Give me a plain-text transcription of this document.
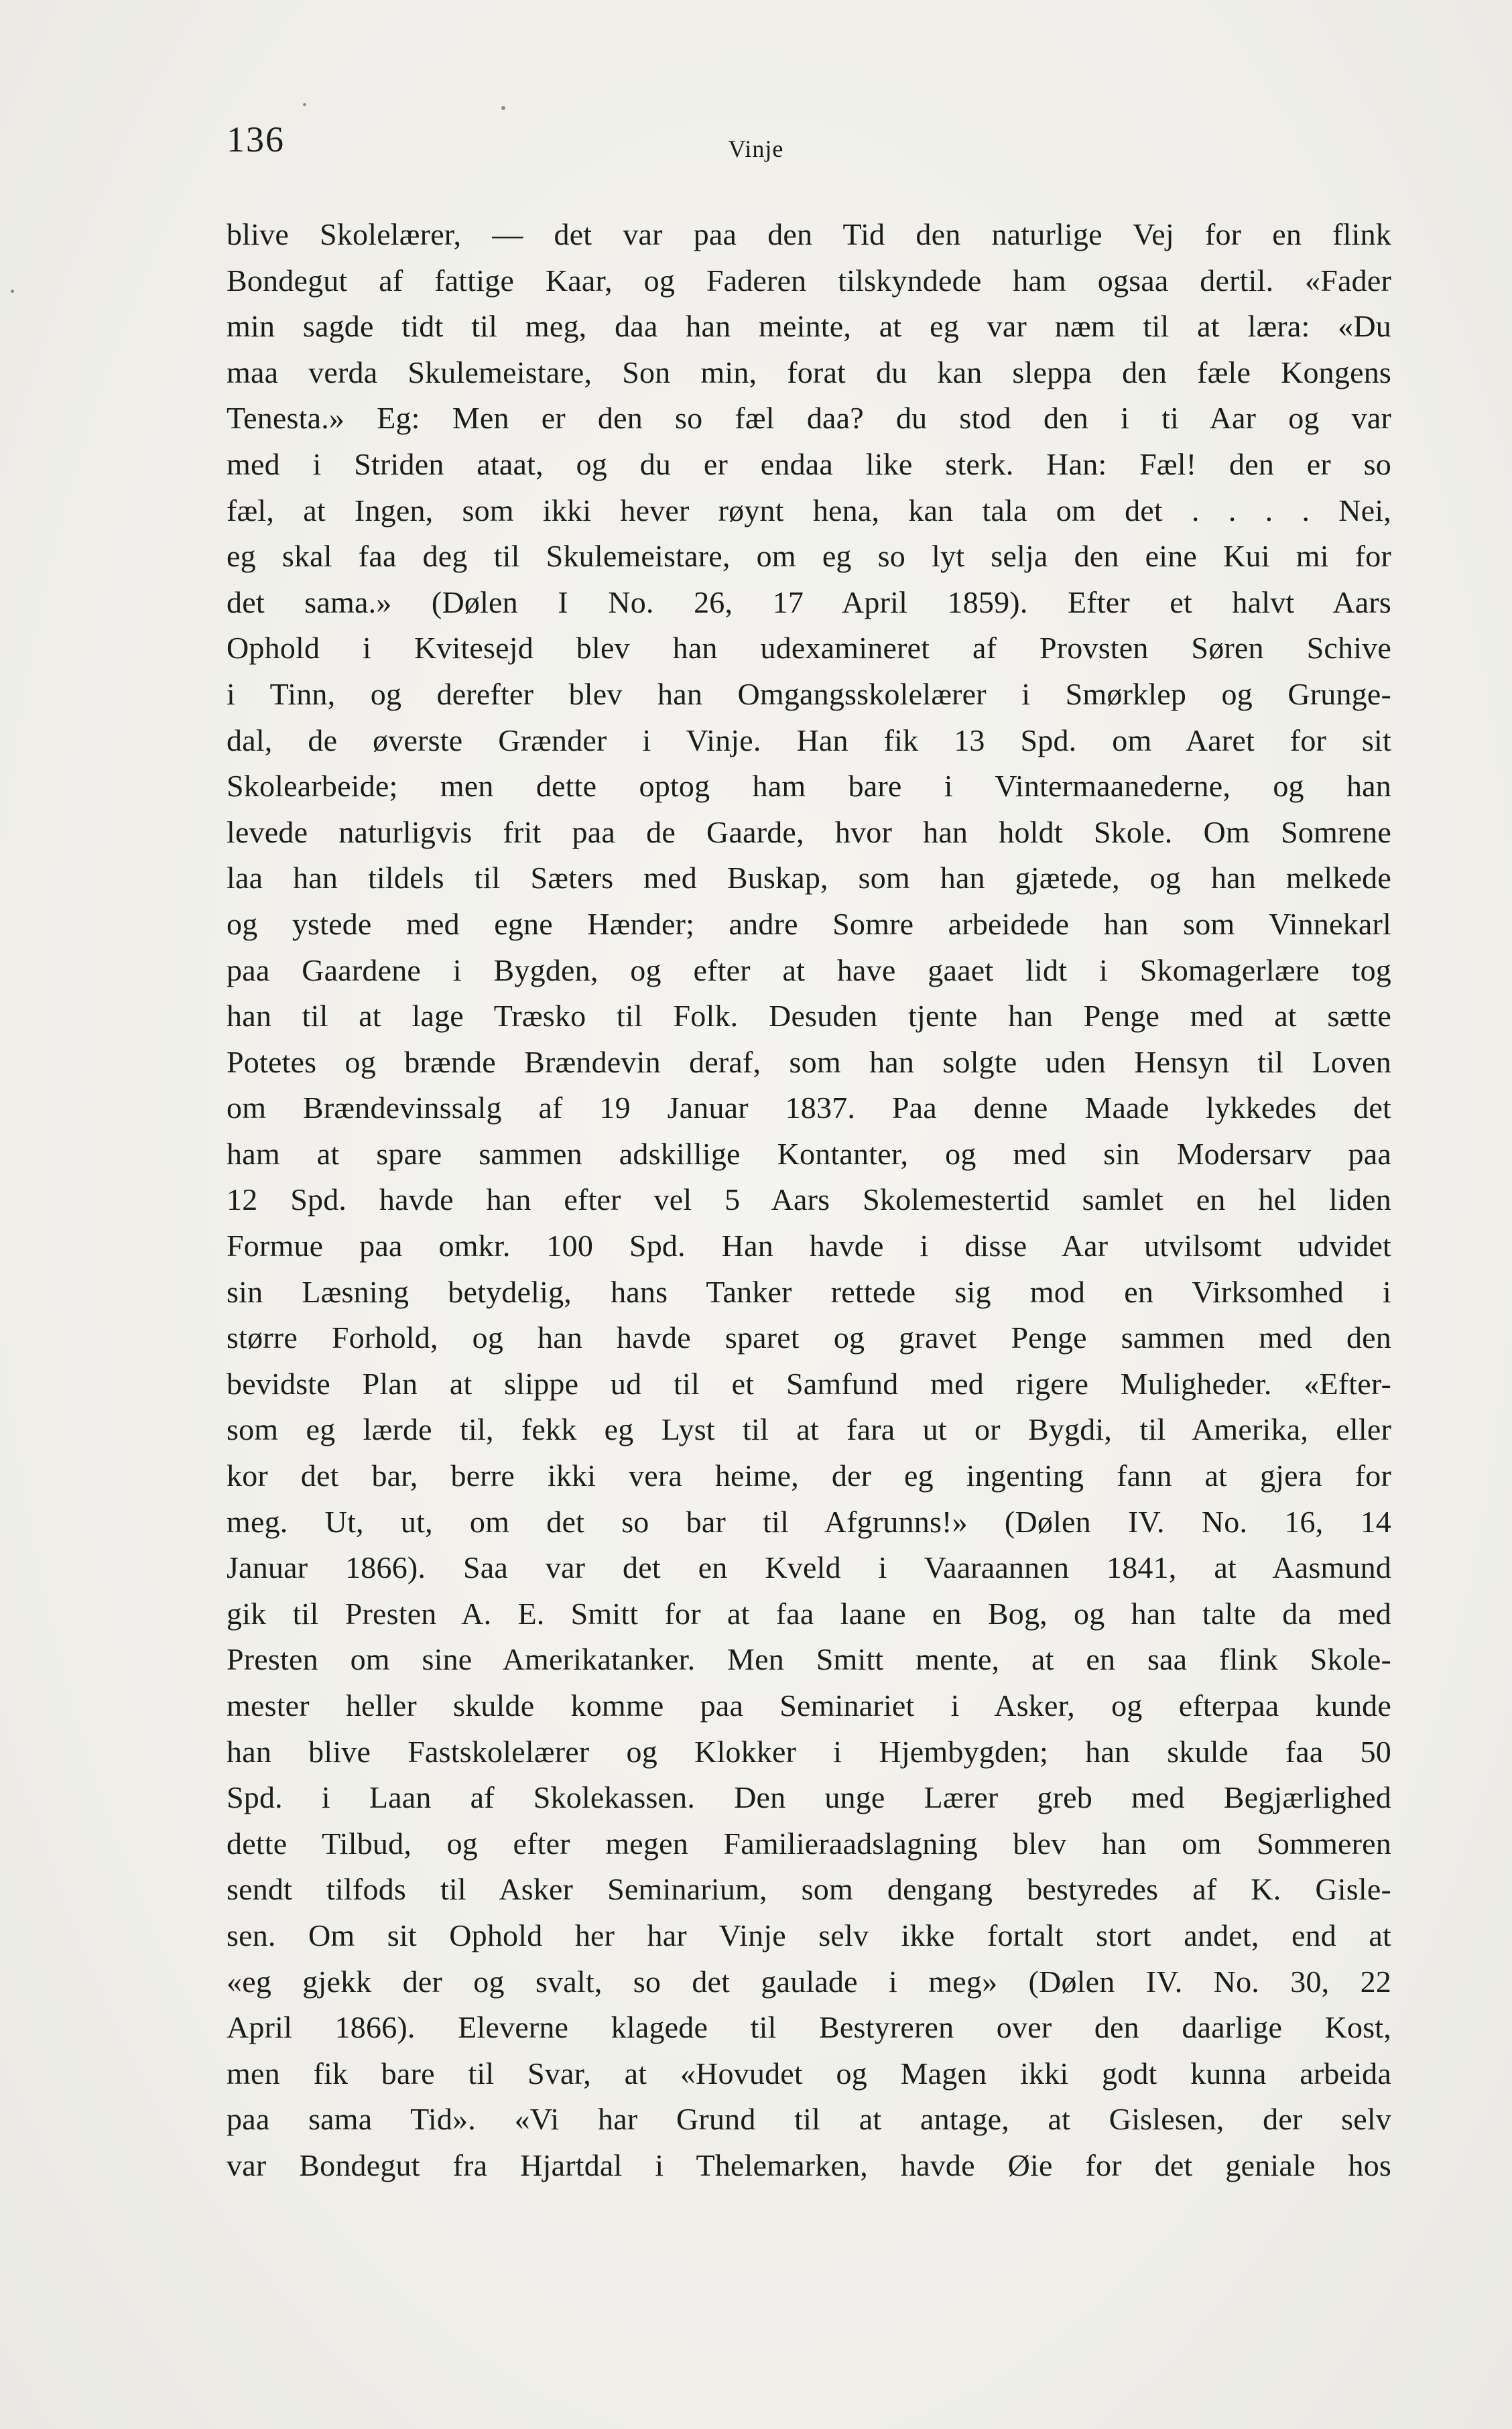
136	Vinje
blive Skolelærer, — det var paa den Tid den naturlige Vej for en flink
Bondegut af fattige Kaar, og Faderen tilskyndede ham ogsaa dertil. «Fader
min sagde tidt til meg, daa han meinte, at eg var næm til at læra: «Du
maa verda Skulemeistare, Son min, forat du kan sleppa den fæle Kongens
Tenesta.» Eg: Men er den so fæl daa? du stod den i ti Aar og var
med i Striden ataat, og du er endaa like sterk. Han: Fæl! den er so
fæl, at Ingen, som ikki hever røynt hena, kan tala om det . . . . Nei,
eg skal faa deg til Skulemeistare, om eg so lyt selja den eine Kui mi for
det sama.» (Dølen I No. 26, 17 April 1859). Efter et halvt Aars
Ophold i Kvitesejd blev han udexamineret af Provsten Søren Schive
i Tinn, og derefter blev han Omgangsskolelærer i Smørklep og Grunge-
dal, de øverste Grænder i Vinje. Han fik 13 Spd. om Aaret for sit
Skolearbeide; men dette optog ham bare i Vintermaanederne, og han
levede naturligvis frit paa de Gaarde, hvor han holdt Skole. Om Somrene
laa han tildels til Sæters med Buskap, som han gjætede, og han melkede
og ystede med egne Hænder; andre Somre arbeidede han som Vinnekarl
paa Gaardene i Bygden, og efter at have gaaet lidt i Skomagerlære tog
han til at lage Træsko til Folk. Desuden tjente han Penge med at sætte
Potetes og brænde Brændevin deraf, som han solgte uden Hensyn til Loven
om Brændevinssalg af 19 Januar 1837. Paa denne Maade lykkedes det
ham at spare sammen adskillige Kontanter, og med sin Modersarv paa
12 Spd. havde han efter vel 5 Aars Skolemestertid samlet en hel liden
Formue paa omkr. 100 Spd. Han havde i disse Aar utvilsomt udvidet
sin Læsning betydelig, hans Tanker rettede sig mod en Virksomhed i
større Forhold, og han havde sparet og gravet Penge sammen med den
bevidste Plan at slippe ud til et Samfund med rigere Muligheder. «Efter-
som eg lærde til, fekk eg Lyst til at fara ut or Bygdi, til Amerika, eller
kor det bar, berre ikki vera heime, der eg ingenting fann at gjera for
meg. Ut, ut, om det so bar til Afgrunns!» (Dølen IV. No. 16, 14
Januar 1866). Saa var det en Kveld i Vaaraannen 1841, at Aasmund
gik til Presten A. E. Smitt for at faa laane en Bog, og han talte da med
Presten om sine Amerikatanker. Men Smitt mente, at en saa flink Skole-
mester heller skulde komme paa Seminariet i Asker, og efterpaa kunde
han blive Fastskolelærer og Klokker i Hjembygden; han skulde faa 50
Spd. i Laan af Skolekassen. Den unge Lærer greb med Begjærlighed
dette Tilbud, og efter megen Familieraadslagning blev han om Sommeren
sendt tilfods til Asker Seminarium, som dengang bestyredes af K. Gisle-
sen. Om sit Ophold her har Vinje selv ikke fortalt stort andet, end at
«eg gjekk der og svalt, so det gaulade i meg» (Dølen IV. No. 30, 22
April 1866). Eleverne klagede til Bestyreren over den daarlige Kost,
men fik bare til Svar, at «Hovudet og Magen ikki godt kunna arbeida
paa sama Tid». «Vi har Grund til at antage, at Gislesen, der selv
var Bondegut fra Hjartdal i Thelemarken, havde Øie for det geniale hos
